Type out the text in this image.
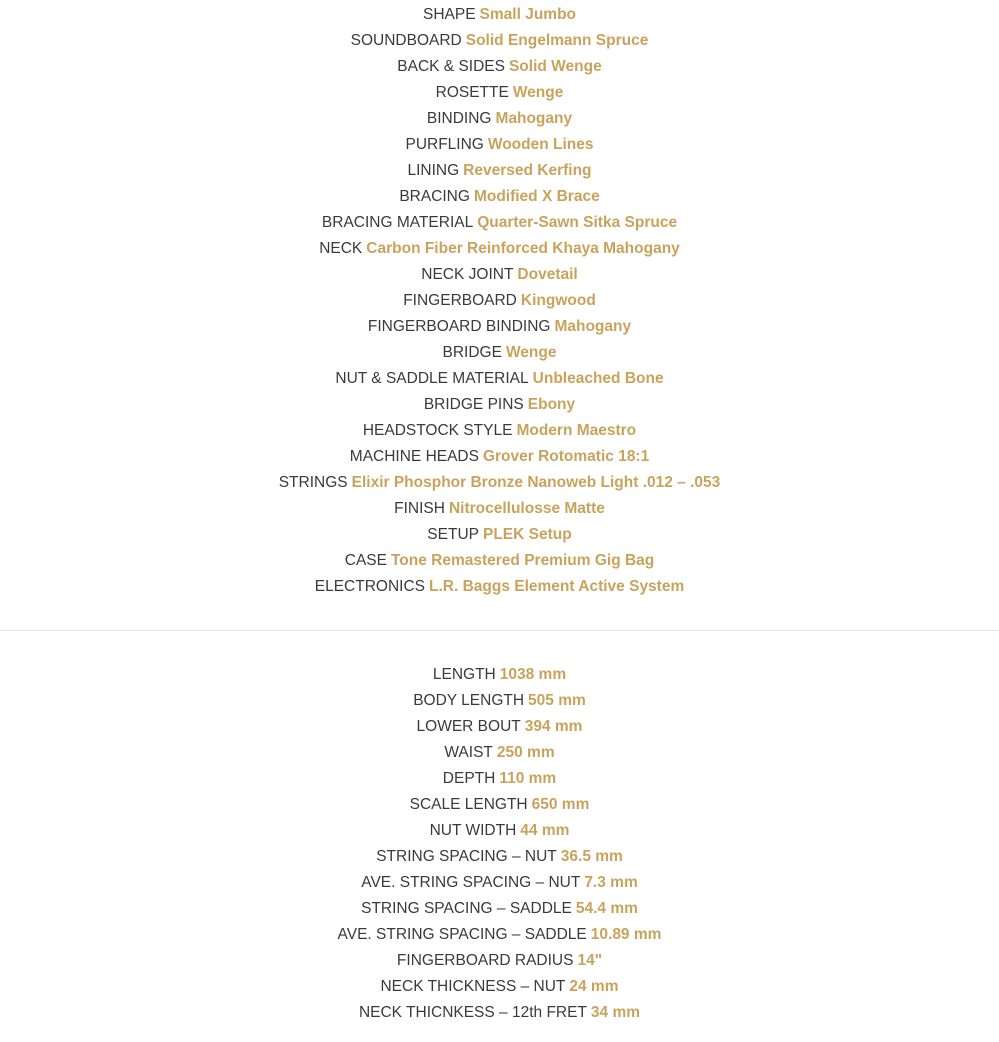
SHAPE Small Jumbo
SOUNDBOARD Solid Engelmann Spruce
BACK & SIDES Solid Wenge
ROSETTE Wenge
BINDING Mahogany
PURFLING Wooden Lines
LINING Reversed Kerfing
BRACING Modified X Brace
BRACING MATERIAL Quarter-Sawn Sitka Spruce
NECK Carbon Fiber Reinforced Khaya Mahogany
NECK JOINT Dovetail
FINGERBOARD Kingwood
FINGERBOARD BINDING Mahogany
BRIDGE Wenge
NUT & SADDLE MATERIAL Unbleached Bone
BRIDGE PINS Ebony
HEADSTOCK STYLE Modern Maestro
MACHINE HEADS Grover Rotomatic 18:1
STRINGS Elixir Phosphor Bronze Nanoweb Light .012 – .053
FINISH Nitrocellulosse Matte
SETUP PLEK Setup
CASE Tone Remastered Premium Gig Bag
ELECTRONICS L.R. Baggs Element Active System
LENGTH 1038 mm
BODY LENGTH 505 mm
LOWER BOUT 394 mm
WAIST 250 mm
DEPTH 110 mm
SCALE LENGTH 650 mm
NUT WIDTH 44 mm
STRING SPACING – NUT 36.5 mm
AVE. STRING SPACING – NUT 7.3 mm
STRING SPACING – SADDLE 54.4 mm
AVE. STRING SPACING – SADDLE 10.89 mm
FINGERBOARD RADIUS 14"
NECK THICKNESS – NUT 24 mm
NECK THICNKESS – 12th FRET 34 mm
